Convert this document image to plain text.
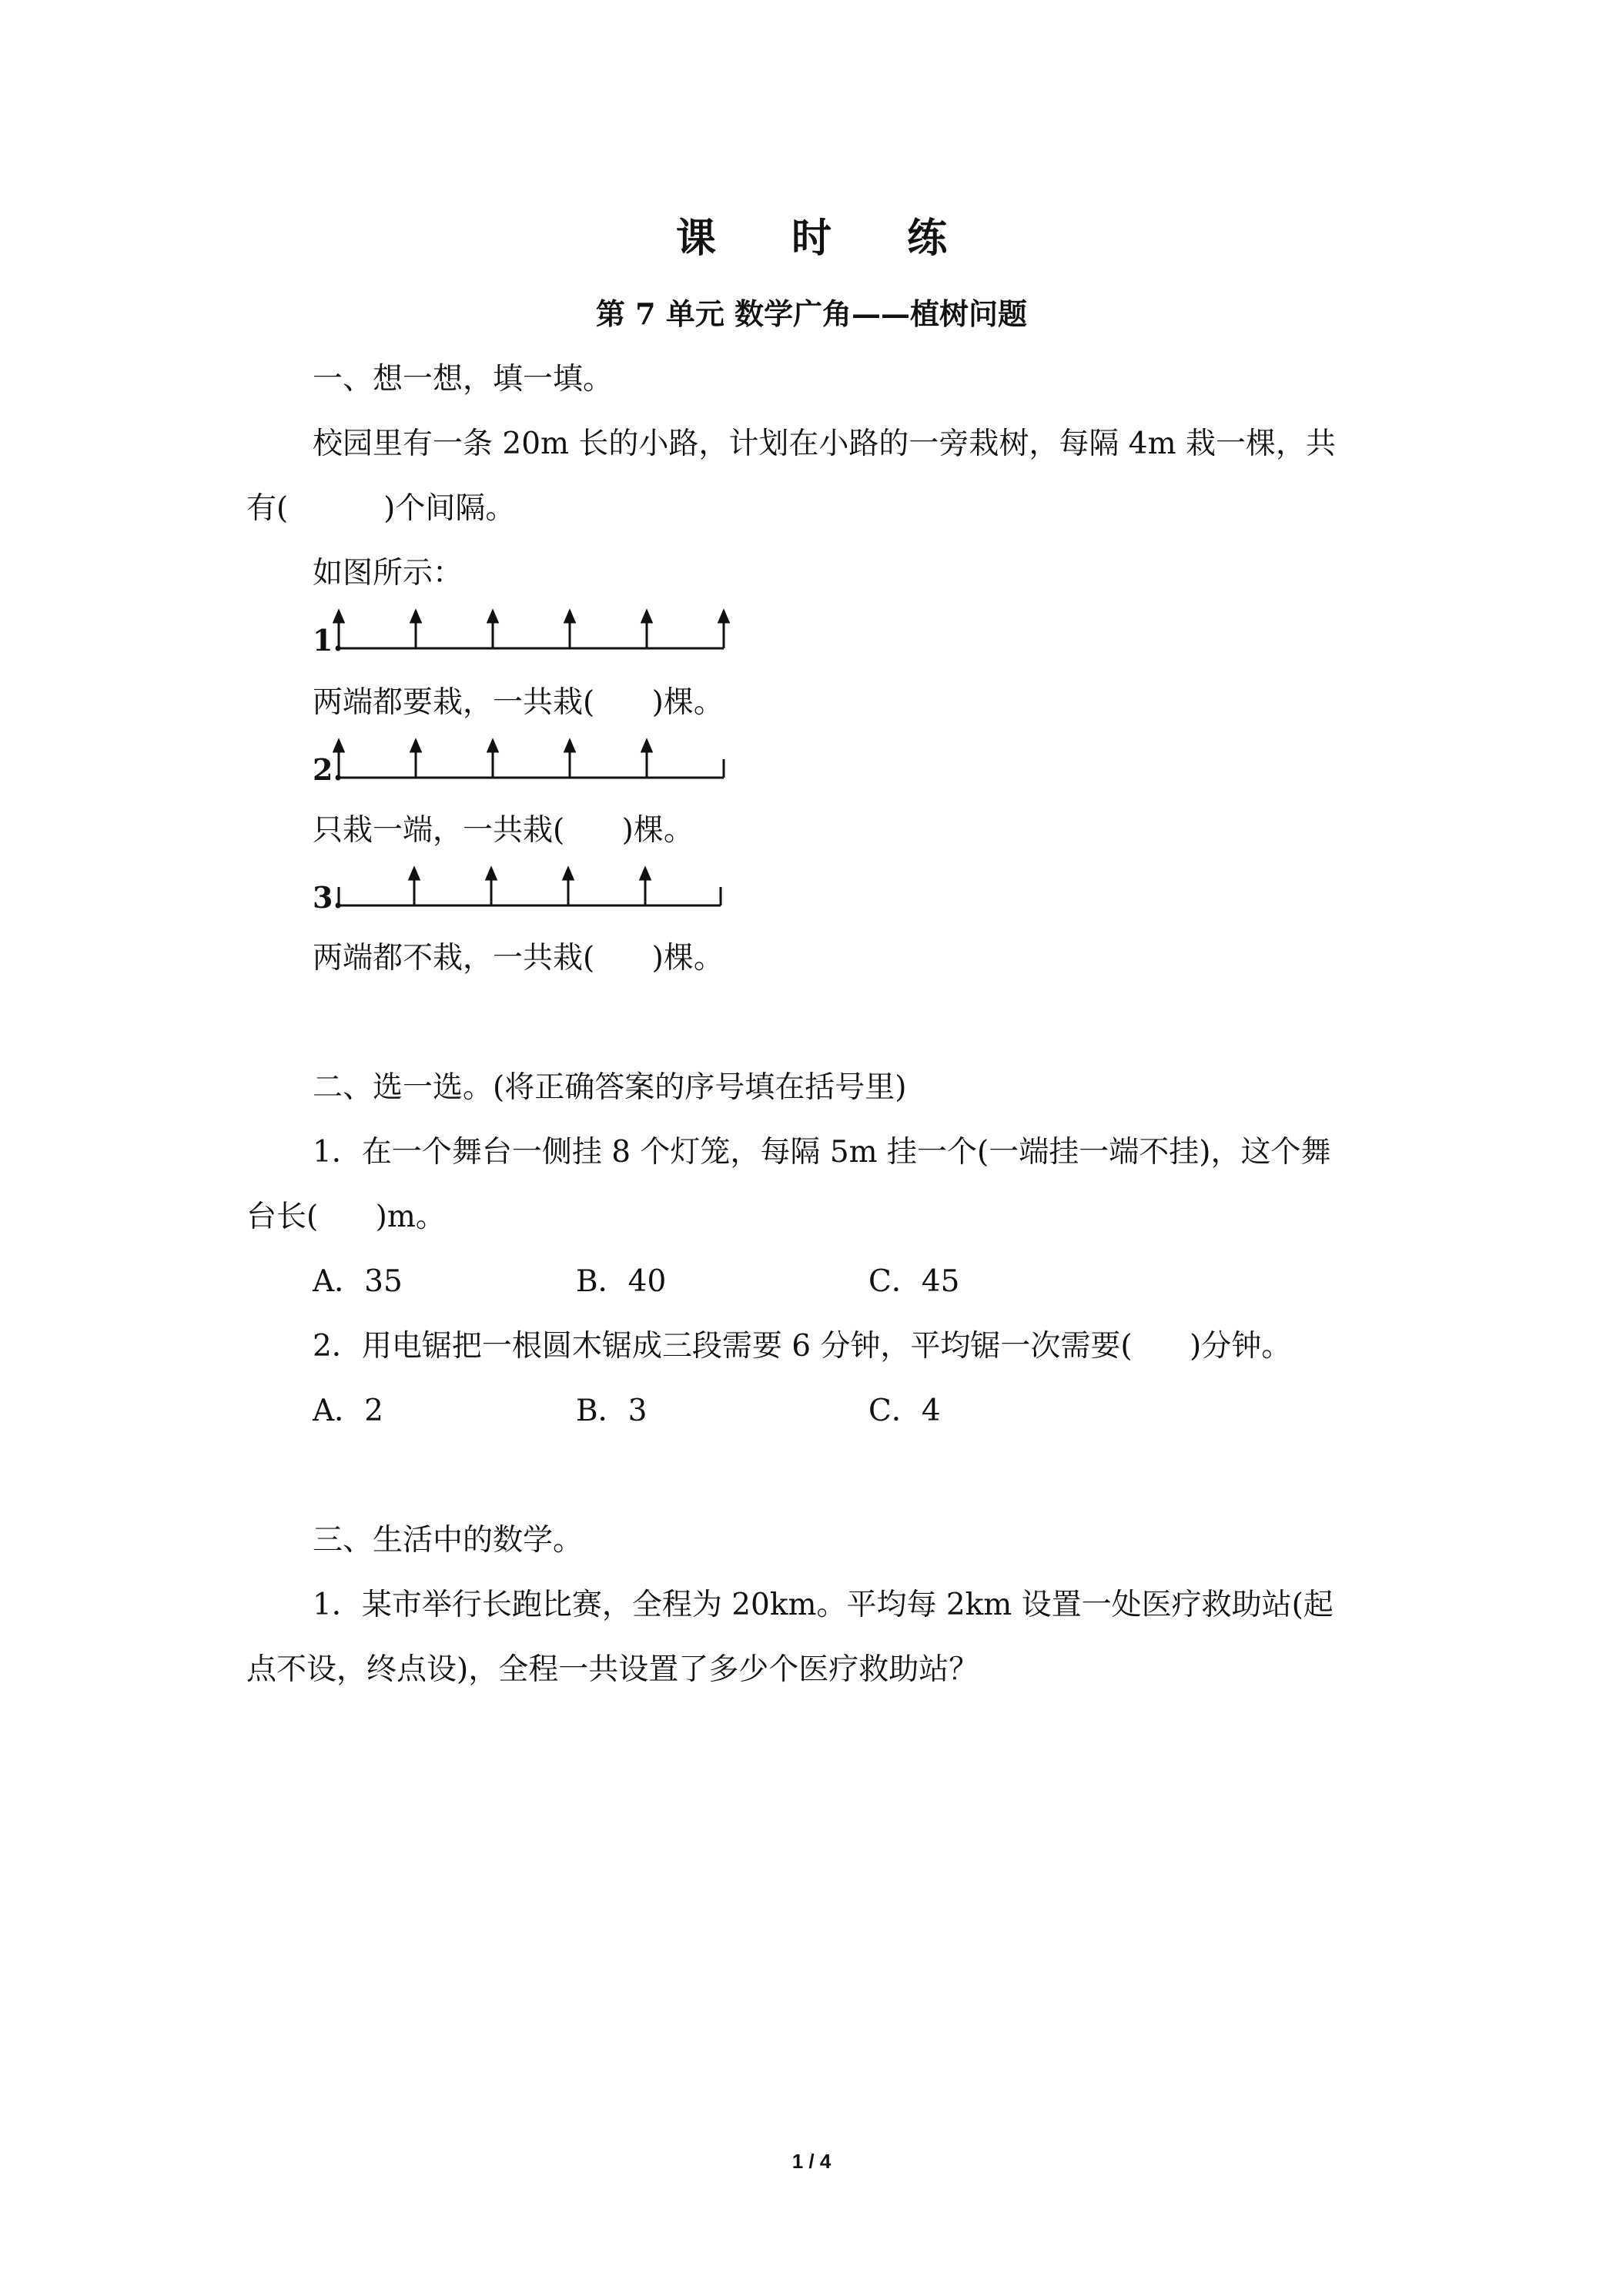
课 时 练
第 7 单元 数学广角——植树问题
一、想一想，填一填。
校园里有一条 20m 长的小路，计划在小路的一旁栽树，每隔 4m 栽一棵，共
有(          )个间隔。
如图所示：
1.
两端都要栽，一共栽(      )棵。
2.
只栽一端，一共栽(      )棵。
3.
两端都不栽，一共栽(      )棵。
二、选一选。(将正确答案的序号填在括号里)
1．在一个舞台一侧挂 8 个灯笼，每隔 5m 挂一个(一端挂一端不挂)，这个舞
台长(      )m。
A．35	B．40	C．45
2．用电锯把一根圆木锯成三段需要 6 分钟，平均锯一次需要(      )分钟。
A．2	B．3	C．4
三、生活中的数学。
1．某市举行长跑比赛，全程为 20km。平均每 2km 设置一处医疗救助站(起
点不设，终点设)，全程一共设置了多少个医疗救助站？
1 / 4
